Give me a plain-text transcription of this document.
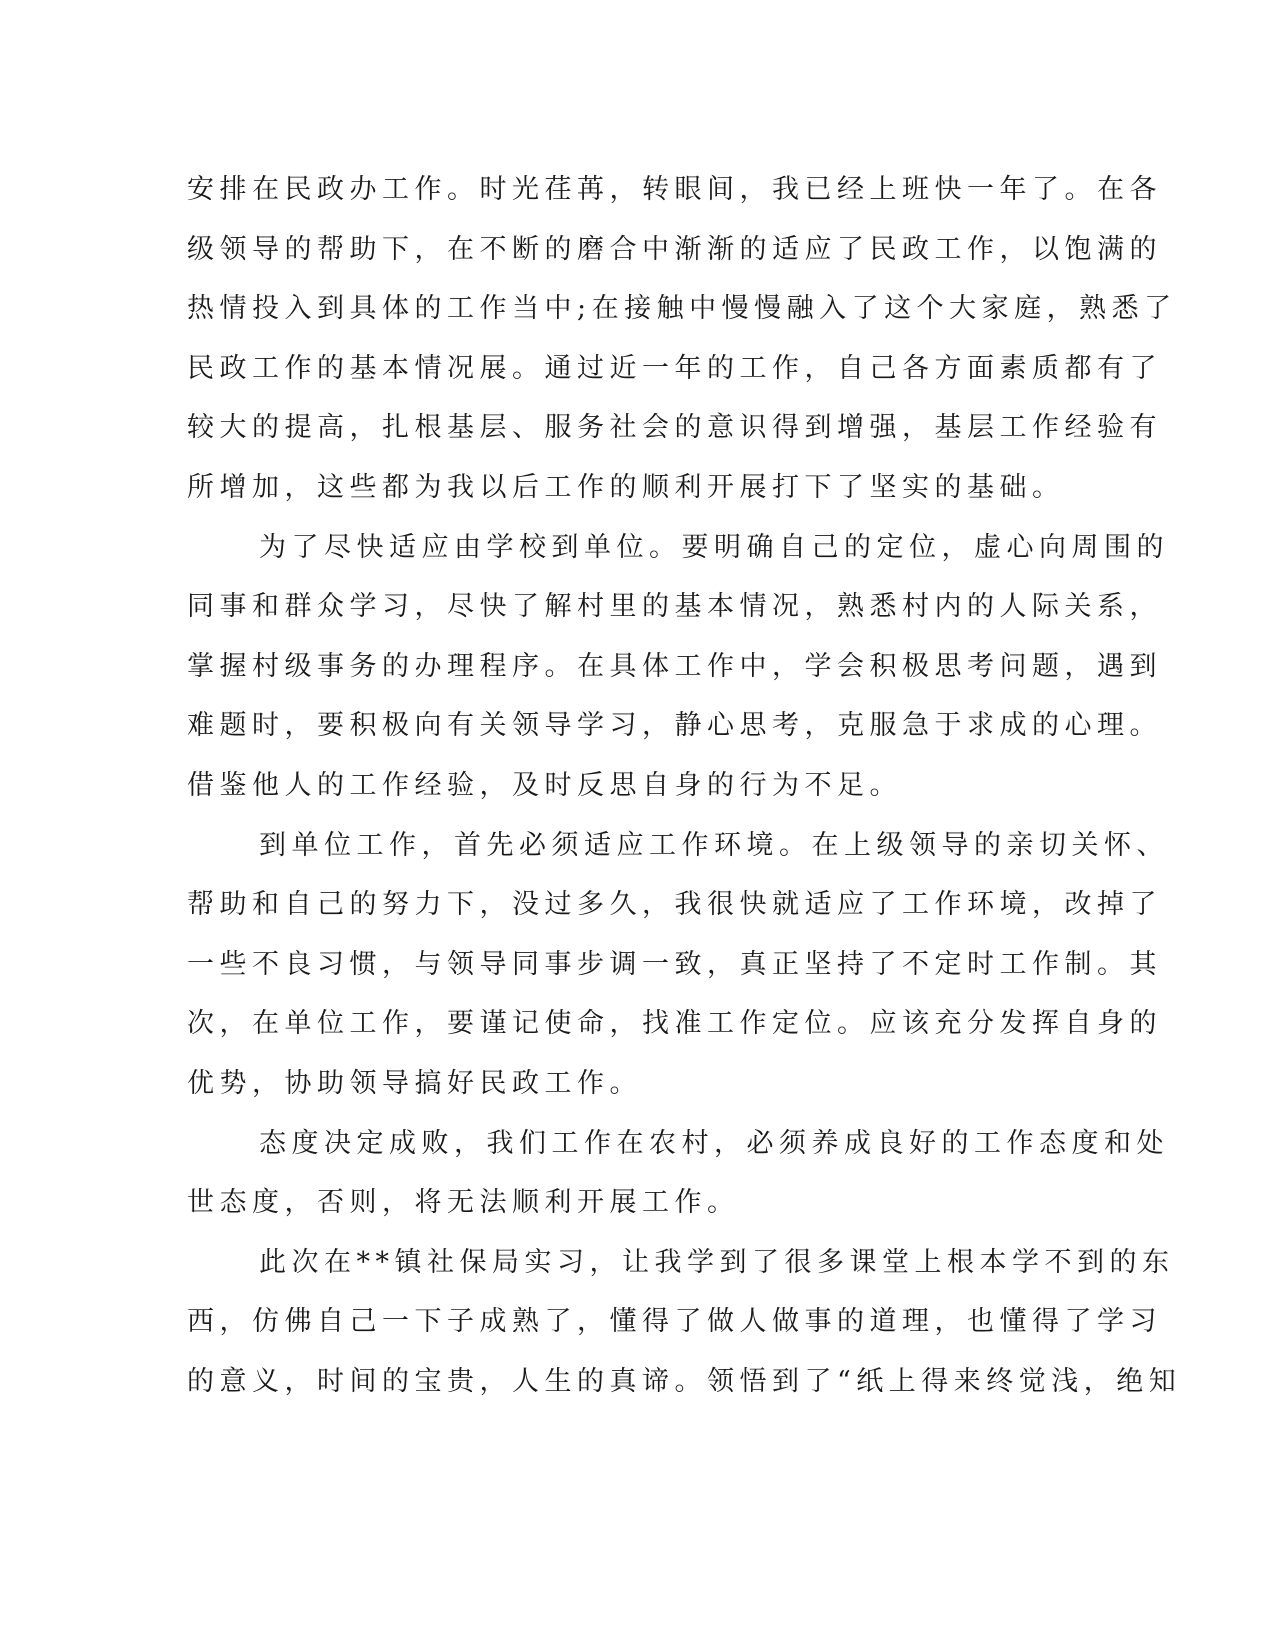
安排在民政办工作。时光荏苒，转眼间，我已经上班快一年了。在各
级领导的帮助下，在不断的磨合中渐渐的适应了民政工作，以饱满的
热情投入到具体的工作当中;在接触中慢慢融入了这个大家庭，熟悉了
民政工作的基本情况展。通过近一年的工作，自己各方面素质都有了
较大的提高，扎根基层、服务社会的意识得到增强，基层工作经验有
所增加，这些都为我以后工作的顺利开展打下了坚实的基础。
为了尽快适应由学校到单位。要明确自己的定位，虚心向周围的
同事和群众学习，尽快了解村里的基本情况，熟悉村内的人际关系，
掌握村级事务的办理程序。在具体工作中，学会积极思考问题，遇到
难题时，要积极向有关领导学习，静心思考，克服急于求成的心理。
借鉴他人的工作经验，及时反思自身的行为不足。
到单位工作，首先必须适应工作环境。在上级领导的亲切关怀、
帮助和自己的努力下，没过多久，我很快就适应了工作环境，改掉了
一些不良习惯，与领导同事步调一致，真正坚持了不定时工作制。其
次，在单位工作，要谨记使命，找准工作定位。应该充分发挥自身的
优势，协助领导搞好民政工作。
态度决定成败，我们工作在农村，必须养成良好的工作态度和处
世态度，否则，将无法顺利开展工作。
此次在**镇社保局实习，让我学到了很多课堂上根本学不到的东
西，仿佛自己一下子成熟了，懂得了做人做事的道理，也懂得了学习
的意义，时间的宝贵，人生的真谛。领悟到了“纸上得来终觉浅，绝知
